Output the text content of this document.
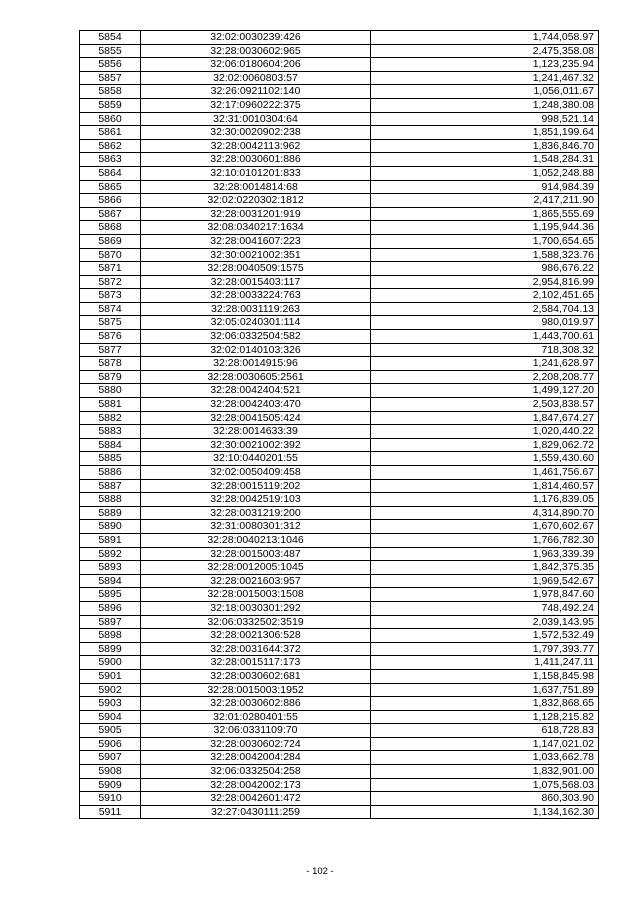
5854	32:02:0030239:426	1,744,058.97
5855	32:28:0030602:965	2,475,358.08
5856	32:06:0180604:206	1,123,235.94
5857	32:02:0060803:57	1,241,467.32
5858	32:26:0921102:140	1,056,011.67
5859	32:17:0960222:375	1,248,380.08
5860	32:31:0010304:64	998,521.14
5861	32:30:0020902:238	1,851,199.64
5862	32:28:0042113:962	1,836,846.70
5863	32:28:0030601:886	1,548,284.31
5864	32:10:0101201:833	1,052,248.88
5865	32:28:0014814:68	914,984.39
5866	32:02:0220302:1812	2,417,211.90
5867	32:28:0031201:919	1,865,555.69
5868	32:08:0340217:1634	1,195,944.36
5869	32:28:0041607:223	1,700,654.65
5870	32:30:0021002:351	1,588,323.76
5871	32:28:0040509:1575	986,676.22
5872	32:28:0015403:117	2,954,816.99
5873	32:28:0033224:763	2,102,451.65
5874	32:28:0031119:263	2,584,704.13
5875	32:05:0240301:114	980,019.97
5876	32:06:0332504:582	1,443,700.61
5877	32:02:0140103:326	718,308.32
5878	32:28:0014915:96	1,241,628.97
5879	32:28:0030605:2561	2,208,208.77
5880	32:28:0042404:521	1,499,127.20
5881	32:28:0042403:470	2,503,838.57
5882	32:28:0041505:424	1,847,674.27
5883	32:28:0014633:39	1,020,440.22
5884	32:30:0021002:392	1,829,062.72
5885	32:10:0440201:55	1,559,430.60
5886	32:02:0050409:458	1,461,756.67
5887	32:28:0015119:202	1,814,460.57
5888	32:28:0042519:103	1,176,839.05
5889	32:28:0031219:200	4,314,890.70
5890	32:31:0080301:312	1,670,602.67
5891	32:28:0040213:1046	1,766,782.30
5892	32:28:0015003:487	1,963,339.39
5893	32:28:0012005:1045	1,842,375.35
5894	32:28:0021603:957	1,969,542.67
5895	32:28:0015003:1508	1,978,847.60
5896	32:18:0030301:292	748,492.24
5897	32:06:0332502:3519	2,039,143.95
5898	32:28:0021306:528	1,572,532.49
5899	32:28:0031644:372	1,797,393.77
5900	32:28:0015117:173	1,411,247.11
5901	32:28:0030602:681	1,158,845.98
5902	32:28:0015003:1952	1,637,751.89
5903	32:28:0030602:886	1,832,868.65
5904	32:01:0280401:55	1,128,215.82
5905	32:06:0331109:70	618,728.83
5906	32:28:0030602:724	1,147,021.02
5907	32:28:0042004:284	1,033,662.78
5908	32:06:0332504:258	1,832,901.00
5909	32:28:0042002:173	1,075,568.03
5910	32:28:0042601:472	860,303.90
5911	32:27:0430111:259	1,134,162.30
- 102 -
